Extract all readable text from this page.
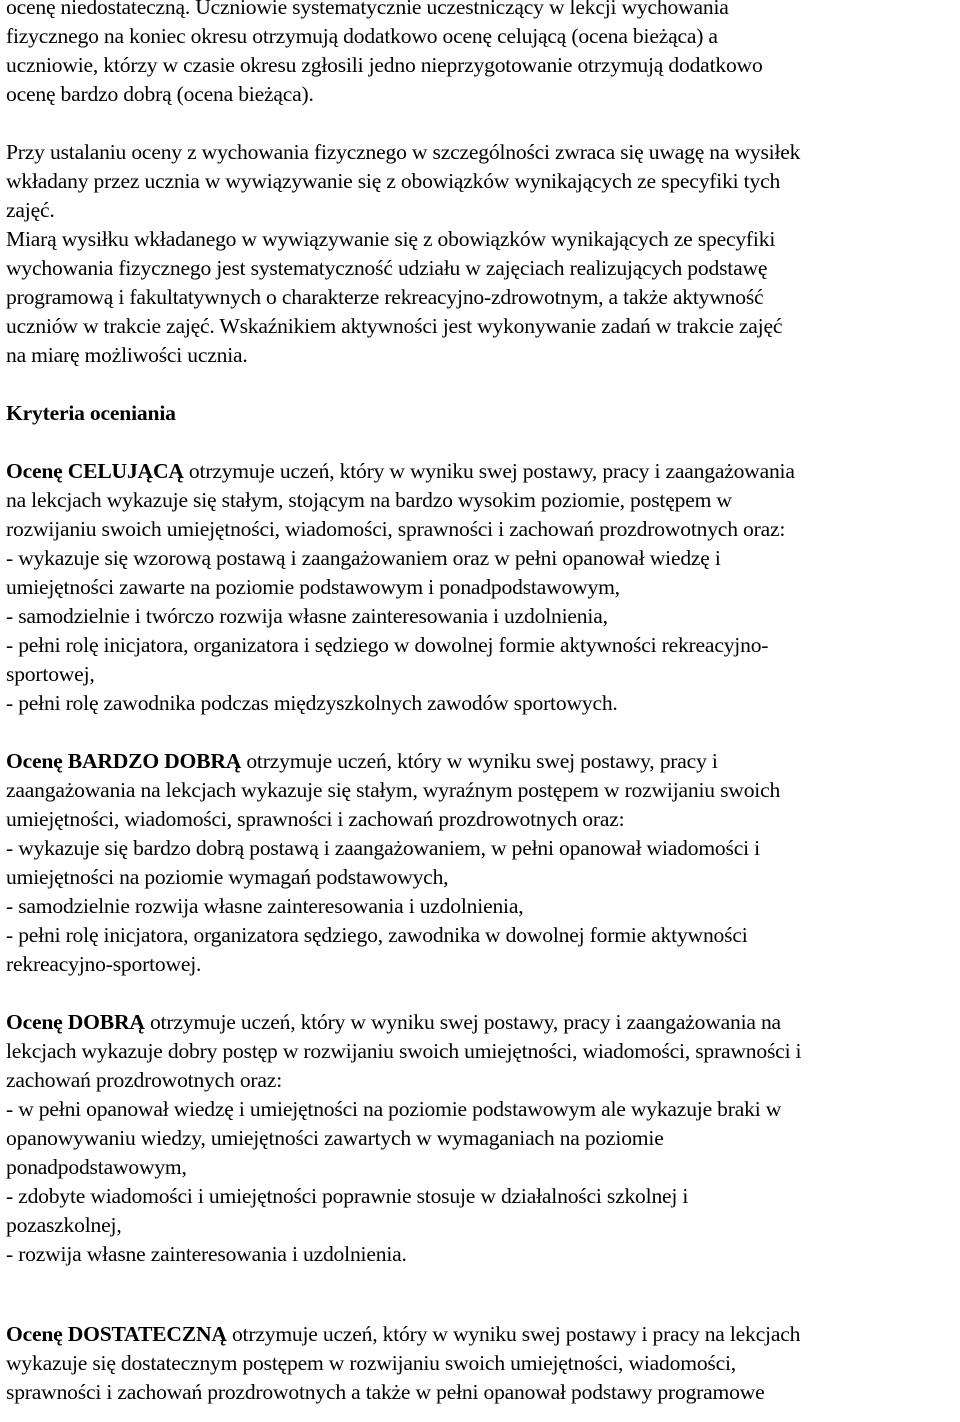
ocenę niedostateczną. Uczniowie systematycznie uczestniczący w lekcji wychowania
fizycznego na koniec okresu otrzymują dodatkowo ocenę celującą (ocena bieżąca) a
uczniowie, którzy w czasie okresu zgłosili jedno nieprzygotowanie otrzymują dodatkowo
ocenę bardzo dobrą (ocena bieżąca).
Przy ustalaniu oceny z wychowania fizycznego w szczególności zwraca się uwagę na wysiłek
wkładany przez ucznia w wywiązywanie się z obowiązków wynikających ze specyfiki tych
zajęć.
Miarą wysiłku wkładanego w wywiązywanie się z obowiązków wynikających ze specyfiki
wychowania fizycznego jest systematyczność udziału w zajęciach realizujących podstawę
programową i fakultatywnych o charakterze rekreacyjno-zdrowotnym, a także aktywność
uczniów w trakcie zajęć. Wskaźnikiem aktywności jest wykonywanie zadań w trakcie zajęć
na miarę możliwości ucznia.
Kryteria oceniania
Ocenę CELUJĄCĄ otrzymuje uczeń, który w wyniku swej postawy, pracy i zaangażowania
na lekcjach wykazuje się stałym, stojącym na bardzo wysokim poziomie, postępem w
rozwijaniu swoich umiejętności, wiadomości, sprawności i zachowań prozdrowotnych oraz:
- wykazuje się wzorową postawą i zaangażowaniem oraz w pełni opanował wiedzę i
umiejętności zawarte na poziomie podstawowym i ponadpodstawowym,
- samodzielnie i twórczo rozwija własne zainteresowania i uzdolnienia,
- pełni rolę inicjatora, organizatora i sędziego w dowolnej formie aktywności rekreacyjno-
sportowej,
- pełni rolę zawodnika podczas międzyszkolnych zawodów sportowych.
Ocenę BARDZO DOBRĄ otrzymuje uczeń, który w wyniku swej postawy, pracy i
zaangażowania na lekcjach wykazuje się stałym, wyraźnym postępem w rozwijaniu swoich
umiejętności, wiadomości, sprawności i zachowań prozdrowotnych oraz:
- wykazuje się bardzo dobrą postawą i zaangażowaniem, w pełni opanował wiadomości i
umiejętności na poziomie wymagań podstawowych,
- samodzielnie rozwija własne zainteresowania i uzdolnienia,
- pełni rolę inicjatora, organizatora sędziego, zawodnika w dowolnej formie aktywności
rekreacyjno-sportowej.
Ocenę DOBRĄ otrzymuje uczeń, który w wyniku swej postawy, pracy i zaangażowania na
lekcjach wykazuje dobry postęp w rozwijaniu swoich umiejętności, wiadomości, sprawności i
zachowań prozdrowotnych oraz:
- w pełni opanował wiedzę i umiejętności na poziomie podstawowym ale wykazuje braki w
opanowywaniu wiedzy, umiejętności zawartych w wymaganiach na poziomie
ponadpodstawowym,
- zdobyte wiadomości i umiejętności poprawnie stosuje w działalności szkolnej i
pozaszkolnej,
- rozwija własne zainteresowania i uzdolnienia.
Ocenę DOSTATECZNĄ otrzymuje uczeń, który w wyniku swej postawy i pracy na lekcjach
wykazuje się dostatecznym postępem w rozwijaniu swoich umiejętności, wiadomości,
sprawności i zachowań prozdrowotnych a także w pełni opanował podstawy programowe
